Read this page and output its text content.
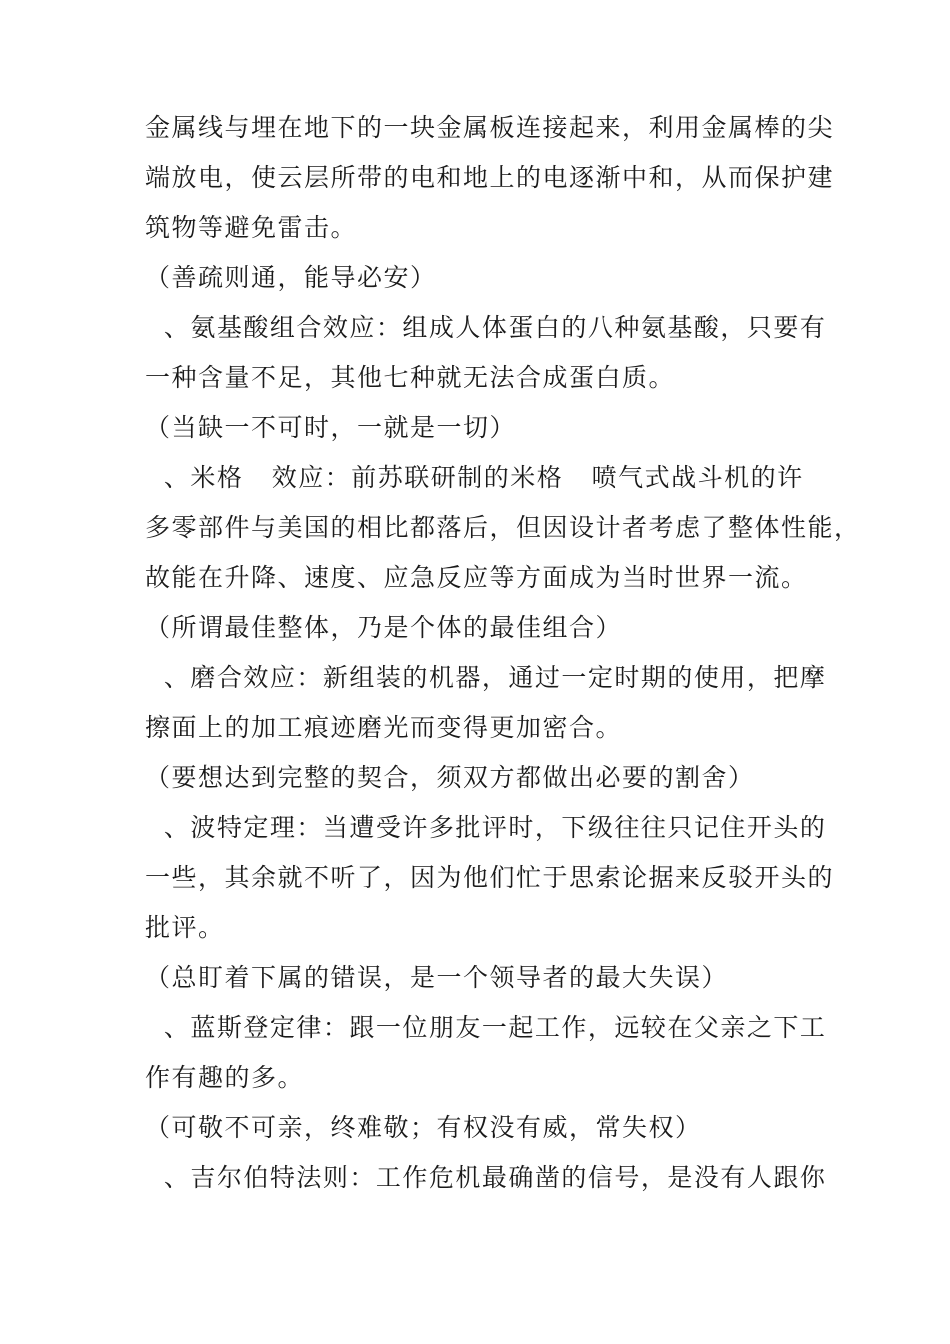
金属线与埋在地下的一块金属板连接起来，利用金属棒的尖
端放电，使云层所带的电和地上的电逐渐中和，从而保护建
筑物等避免雷击。
（善疏则通，能导必安）
、氨基酸组合效应：组成人体蛋白的八种氨基酸，只要有
一种含量不足，其他七种就无法合成蛋白质。
（当缺一不可时，一就是一切）
、米格   效应：前苏联研制的米格   喷气式战斗机的许
多零部件与美国的相比都落后，但因设计者考虑了整体性能，
故能在升降、速度、应急反应等方面成为当时世界一流。
（所谓最佳整体，乃是个体的最佳组合）
、磨合效应：新组装的机器，通过一定时期的使用，把摩
擦面上的加工痕迹磨光而变得更加密合。
（要想达到完整的契合，须双方都做出必要的割舍）
、波特定理：当遭受许多批评时，下级往往只记住开头的
一些，其余就不听了，因为他们忙于思索论据来反驳开头的
批评。
（总盯着下属的错误，是一个领导者的最大失误）
、蓝斯登定律：跟一位朋友一起工作，远较在父亲之下工
作有趣的多。
（可敬不可亲，终难敬；有权没有威，常失权）
、吉尔伯特法则：工作危机最确凿的信号，是没有人跟你
